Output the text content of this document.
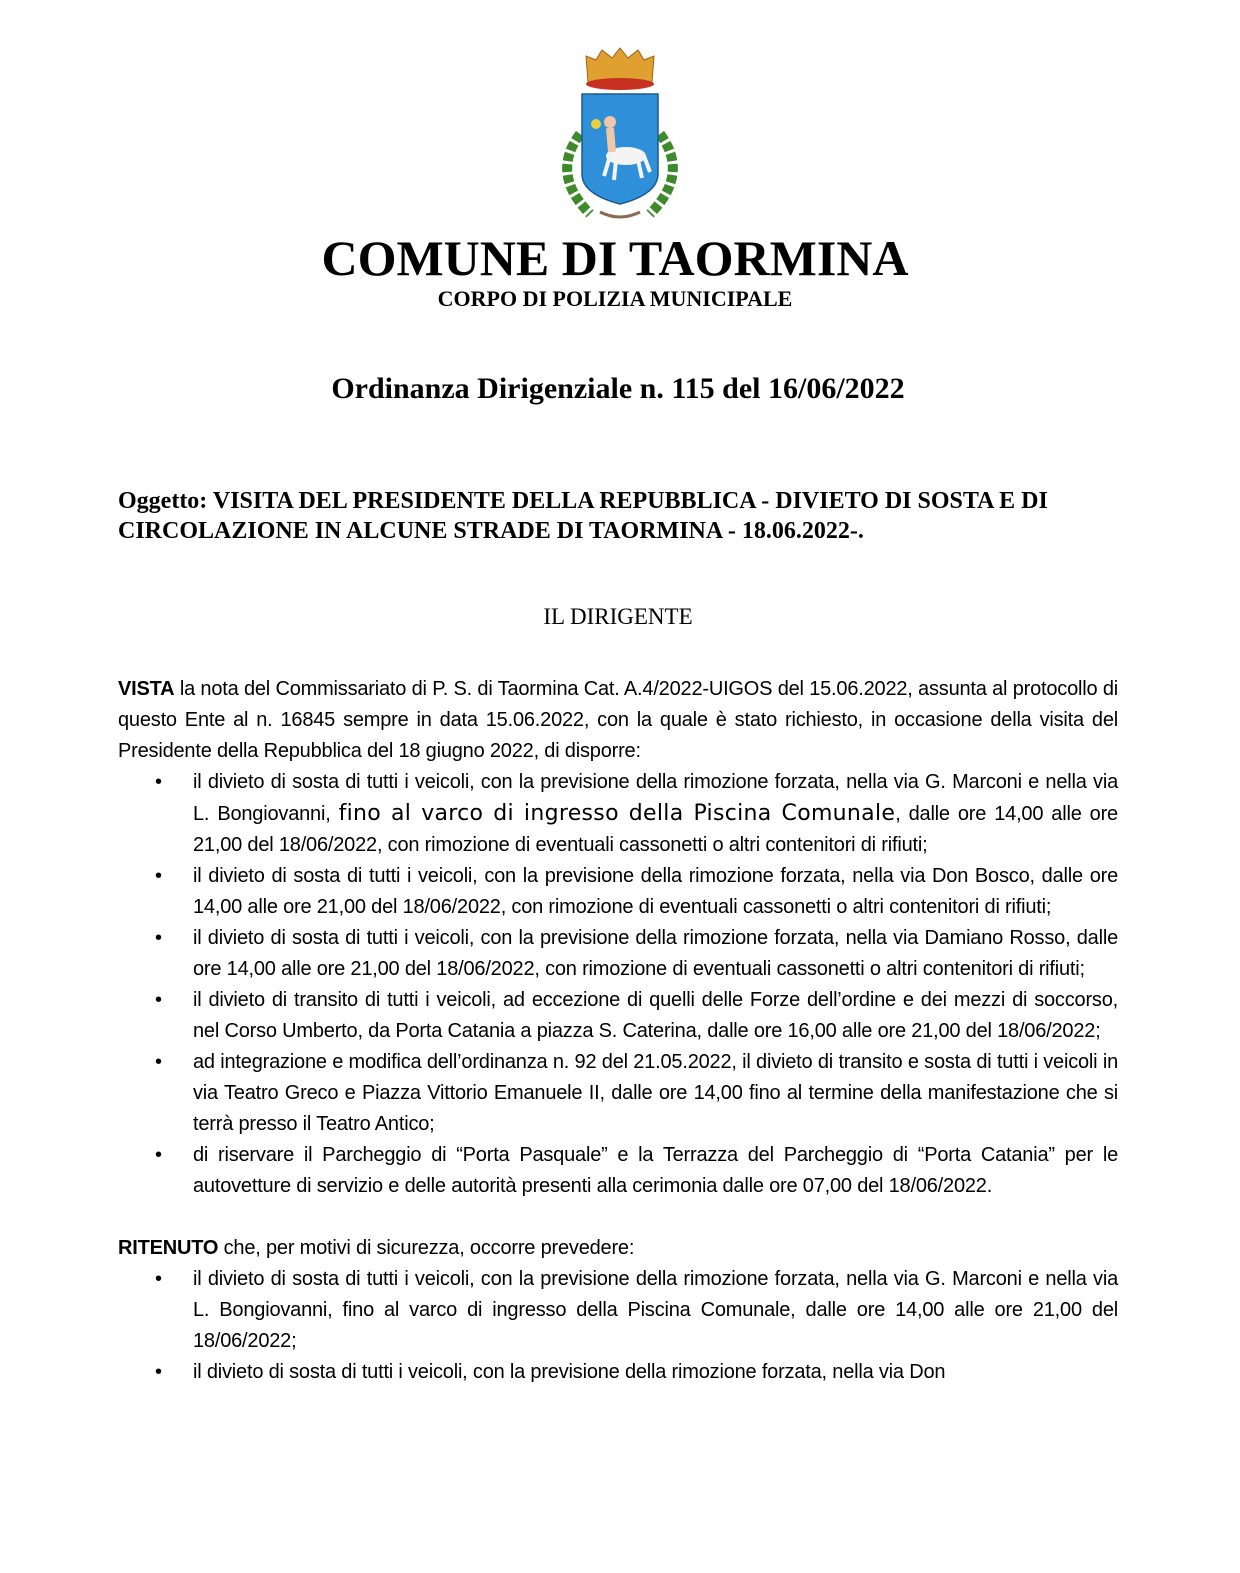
COMUNE DI TAORMINA
CORPO DI POLIZIA MUNICIPALE
Ordinanza Dirigenziale n. 115 del 16/06/2022
Oggetto: VISITA DEL PRESIDENTE DELLA REPUBBLICA - DIVIETO DI SOSTA E DI CIRCOLAZIONE IN ALCUNE STRADE DI TAORMINA - 18.06.2022-.
IL DIRIGENTE

VISTA la nota del Commissariato di P. S. di Taormina Cat. A.4/2022-UIGOS del 15.06.2022, assunta al protocollo di questo Ente al n. 16845 sempre in data 15.06.2022, con la quale è stato richiesto, in occasione della visita del Presidente della Repubblica del 18 giugno 2022, di disporre:

• il divieto di sosta di tutti i veicoli, con la previsione della rimozione forzata, nella via G. Marconi e nella via L. Bongiovanni, fino al varco di ingresso della Piscina Comunale, dalle ore 14,00 alle ore 21,00 del 18/06/2022, con rimozione di eventuali cassonetti o altri contenitori di rifiuti;
• il divieto di sosta di tutti i veicoli, con la previsione della rimozione forzata, nella via Don Bosco, dalle ore 14,00 alle ore 21,00 del 18/06/2022, con rimozione di eventuali cassonetti o altri contenitori di rifiuti;
• il divieto di sosta di tutti i veicoli, con la previsione della rimozione forzata, nella via Damiano Rosso, dalle ore 14,00 alle ore 21,00 del 18/06/2022, con rimozione di eventuali cassonetti o altri contenitori di rifiuti;
• il divieto di transito di tutti i veicoli, ad eccezione di quelli delle Forze dell’ordine e dei mezzi di soccorso, nel Corso Umberto, da Porta Catania a piazza S. Caterina, dalle ore 16,00 alle ore 21,00 del 18/06/2022;
• ad integrazione e modifica dell’ordinanza n. 92 del 21.05.2022, il divieto di transito e sosta di tutti i veicoli in via Teatro Greco e Piazza Vittorio Emanuele II, dalle ore 14,00 fino al termine della manifestazione che si terrà presso il Teatro Antico;
• di riservare il Parcheggio di “Porta Pasquale” e la Terrazza del Parcheggio di “Porta Catania” per le autovetture di servizio e delle autorità presenti alla cerimonia dalle ore 07,00 del 18/06/2022.

RITENUTO che, per motivi di sicurezza, occorre prevedere:

• il divieto di sosta di tutti i veicoli, con la previsione della rimozione forzata, nella via G. Marconi e nella via L. Bongiovanni, fino al varco di ingresso della Piscina Comunale, dalle ore 14,00 alle ore 21,00 del 18/06/2022;
• il divieto di sosta di tutti i veicoli, con la previsione della rimozione forzata, nella via Don
